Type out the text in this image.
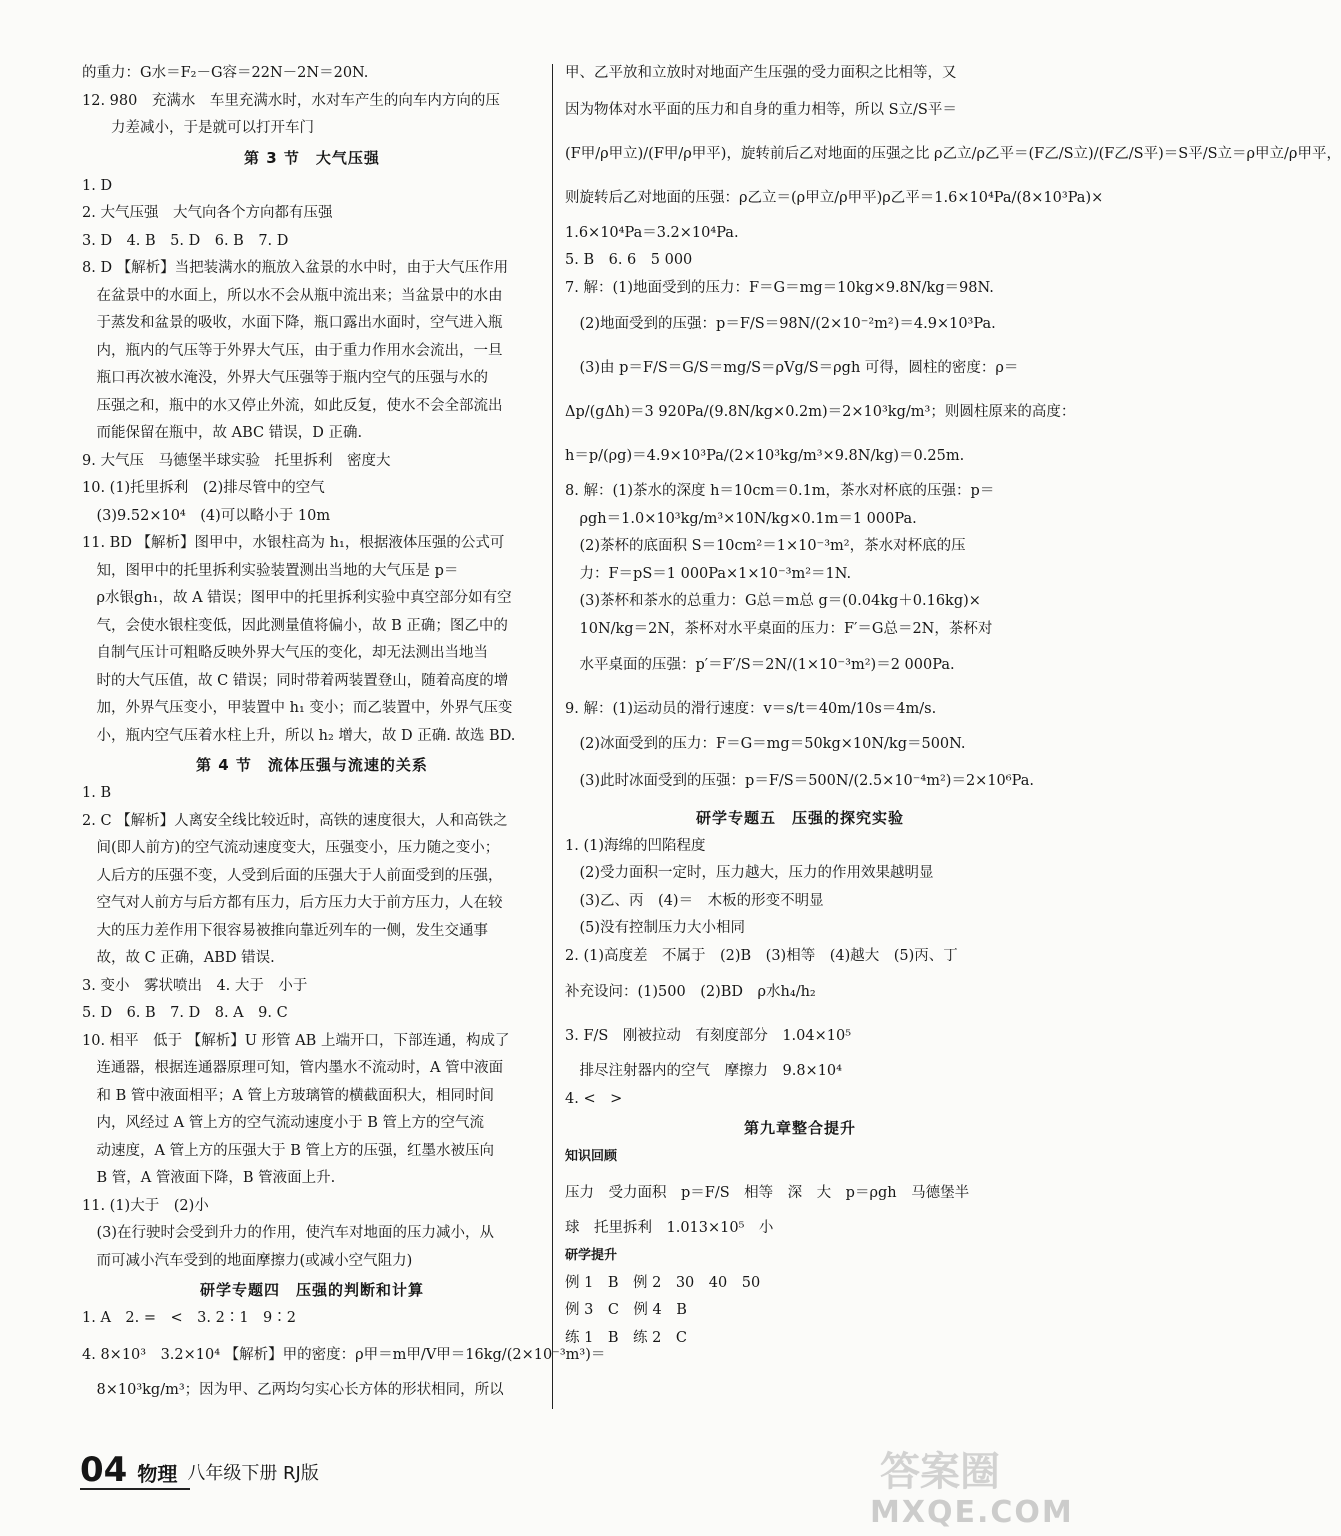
的重力：G水＝F₂－G容＝22N－2N＝20N.
12. 980　充满水　车里充满水时，水对车产生的向车内方向的压
　　力差减小，于是就可以打开车门
第 3 节　大气压强
1. D
2. 大气压强　大气向各个方向都有压强
3. D　4. B　5. D　6. B　7. D
8. D 【解析】当把装满水的瓶放入盆景的水中时，由于大气压作用
　在盆景中的水面上，所以水不会从瓶中流出来；当盆景中的水由
　于蒸发和盆景的吸收，水面下降，瓶口露出水面时，空气进入瓶
　内，瓶内的气压等于外界大气压，由于重力作用水会流出，一旦
　瓶口再次被水淹没，外界大气压强等于瓶内空气的压强与水的
　压强之和，瓶中的水又停止外流，如此反复，使水不会全部流出
　而能保留在瓶中，故 ABC 错误，D 正确.
9. 大气压　马德堡半球实验　托里拆利　密度大
10. (1)托里拆利　(2)排尽管中的空气
　(3)9.52×10⁴　(4)可以略小于 10m
11. BD 【解析】图甲中，水银柱高为 h₁，根据液体压强的公式可
　知，图甲中的托里拆利实验装置测出当地的大气压是 p＝
　ρ水银gh₁，故 A 错误；图甲中的托里拆利实验中真空部分如有空
　气，会使水银柱变低，因此测量值将偏小，故 B 正确；图乙中的
　自制气压计可粗略反映外界大气压的变化，却无法测出当地当
　时的大气压值，故 C 错误；同时带着两装置登山，随着高度的增
　加，外界气压变小，甲装置中 h₁ 变小；而乙装置中，外界气压变
　小，瓶内空气压着水柱上升，所以 h₂ 增大，故 D 正确. 故选 BD.
第 4 节　流体压强与流速的关系
1. B
2. C 【解析】人离安全线比较近时，高铁的速度很大，人和高铁之
　间(即人前方)的空气流动速度变大，压强变小，压力随之变小；
　人后方的压强不变，人受到后面的压强大于人前面受到的压强，
　空气对人前方与后方都有压力，后方压力大于前方压力，人在较
　大的压力差作用下很容易被推向靠近列车的一侧，发生交通事
　故，故 C 正确，ABD 错误.
3. 变小　雾状喷出　4. 大于　小于
5. D　6. B　7. D　8. A　9. C
10. 相平　低于 【解析】U 形管 AB 上端开口，下部连通，构成了
　连通器，根据连通器原理可知，管内墨水不流动时，A 管中液面
　和 B 管中液面相平；A 管上方玻璃管的横截面积大，相同时间
　内，风经过 A 管上方的空气流动速度小于 B 管上方的空气流
　动速度，A 管上方的压强大于 B 管上方的压强，红墨水被压向
　B 管，A 管液面下降，B 管液面上升.
11. (1)大于　(2)小
　(3)在行驶时会受到升力的作用，使汽车对地面的压力减小，从
　而可减小汽车受到的地面摩擦力(或减小空气阻力)
研学专题四　压强的判断和计算
1. A　2. =　<　3. 2∶1　9∶2
4. 8×10³　3.2×10⁴ 【解析】甲的密度：ρ甲＝m甲/V甲＝16kg/(2×10⁻³m³)＝
　8×10³kg/m³；因为甲、乙两均匀实心长方体的形状相同，所以
甲、乙平放和立放时对地面产生压强的受力面积之比相等，又
因为物体对水平面的压力和自身的重力相等，所以 S立/S平＝
(F甲/ρ甲立)/(F甲/ρ甲平)，旋转前后乙对地面的压强之比 ρ乙立/ρ乙平＝(F乙/S立)/(F乙/S平)＝S平/S立＝ρ甲立/ρ甲平，
则旋转后乙对地面的压强：ρ乙立＝(ρ甲立/ρ甲平)ρ乙平＝1.6×10⁴Pa/(8×10³Pa)×
1.6×10⁴Pa＝3.2×10⁴Pa.
5. B　6. 6　5 000
7. 解：(1)地面受到的压力：F＝G＝mg＝10kg×9.8N/kg＝98N.
　(2)地面受到的压强：p＝F/S＝98N/(2×10⁻²m²)＝4.9×10³Pa.
　(3)由 p＝F/S＝G/S＝mg/S＝ρVg/S＝ρgh 可得，圆柱的密度：ρ＝
Δp/(gΔh)＝3 920Pa/(9.8N/kg×0.2m)＝2×10³kg/m³；则圆柱原来的高度：
h＝p/(ρg)＝4.9×10³Pa/(2×10³kg/m³×9.8N/kg)＝0.25m.
8. 解：(1)茶水的深度 h＝10cm＝0.1m，茶水对杯底的压强：p＝
　ρgh＝1.0×10³kg/m³×10N/kg×0.1m＝1 000Pa.
　(2)茶杯的底面积 S＝10cm²＝1×10⁻³m²，茶水对杯底的压
　力：F＝pS＝1 000Pa×1×10⁻³m²＝1N.
　(3)茶杯和茶水的总重力：G总＝m总 g＝(0.04kg＋0.16kg)×
　10N/kg＝2N，茶杯对水平桌面的压力：F′＝G总＝2N，茶杯对
　水平桌面的压强：p′＝F′/S＝2N/(1×10⁻³m²)＝2 000Pa.
9. 解：(1)运动员的滑行速度：v＝s/t＝40m/10s＝4m/s.
　(2)冰面受到的压力：F＝G＝mg＝50kg×10N/kg＝500N.
　(3)此时冰面受到的压强：p＝F/S＝500N/(2.5×10⁻⁴m²)＝2×10⁶Pa.
研学专题五　压强的探究实验
1. (1)海绵的凹陷程度
　(2)受力面积一定时，压力越大，压力的作用效果越明显
　(3)乙、丙　(4)＝　木板的形变不明显
　(5)没有控制压力大小相同
2. (1)高度差　不属于　(2)B　(3)相等　(4)越大　(5)丙、丁
补充设问：(1)500　(2)BD　ρ水h₄/h₂
3. F/S　刚被拉动　有刻度部分　1.04×10⁵
　排尽注射器内的空气　摩擦力　9.8×10⁴
4. <　>
第九章整合提升
知识回顾
压力　受力面积　p＝F/S　相等　深　大　p＝ρgh　马德堡半
球　托里拆利　1.013×10⁵　小
研学提升
例 1　B　例 2　30　40　50
例 3　C　例 4　B
练 1　B　练 2　C
04 物理 八年级下册 RJ版	答案圈
MXQE.COM
